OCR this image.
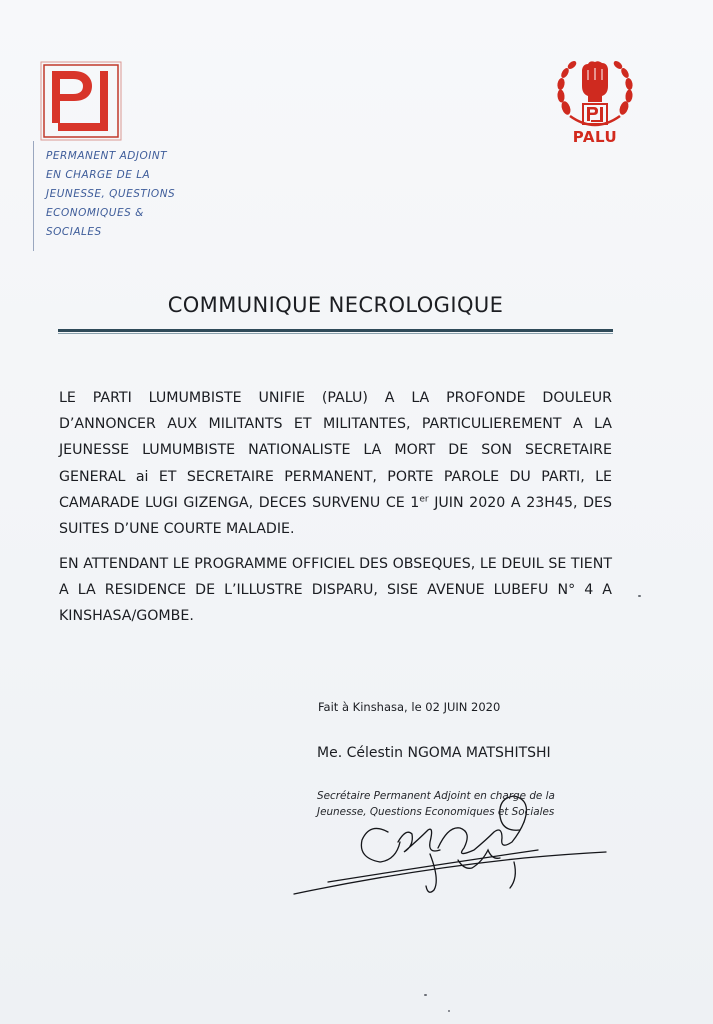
PERMANENT ADJOINT
EN CHARGE DE LA
JEUNESSE, QUESTIONS
ECONOMIQUES &
SOCIALES
PALU
COMMUNIQUE NECROLOGIQUE
LE PARTI LUMUMBISTE UNIFIE (PALU) A LA PROFONDE DOULEUR D’ANNONCER AUX MILITANTS ET MILITANTES, PARTICULIEREMENT A LA JEUNESSE LUMUMBISTE NATIONALISTE LA MORT DE SON SECRETAIRE GENERAL ai ET SECRETAIRE PERMANENT, PORTE PAROLE DU PARTI, LE CAMARADE LUGI GIZENGA, DECES SURVENU CE 1er JUIN 2020 A 23H45, DES SUITES D’UNE COURTE MALADIE.
EN ATTENDANT LE PROGRAMME OFFICIEL DES OBSEQUES, LE DEUIL SE TIENT A LA RESIDENCE DE L’ILLUSTRE DISPARU, SISE AVENUE LUBEFU N° 4 A KINSHASA/GOMBE.
Fait à Kinshasa, le 02 JUIN 2020
Me. Célestin NGOMA MATSHITSHI
Secrétaire Permanent Adjoint en charge de la
Jeunesse, Questions Economiques et Sociales
